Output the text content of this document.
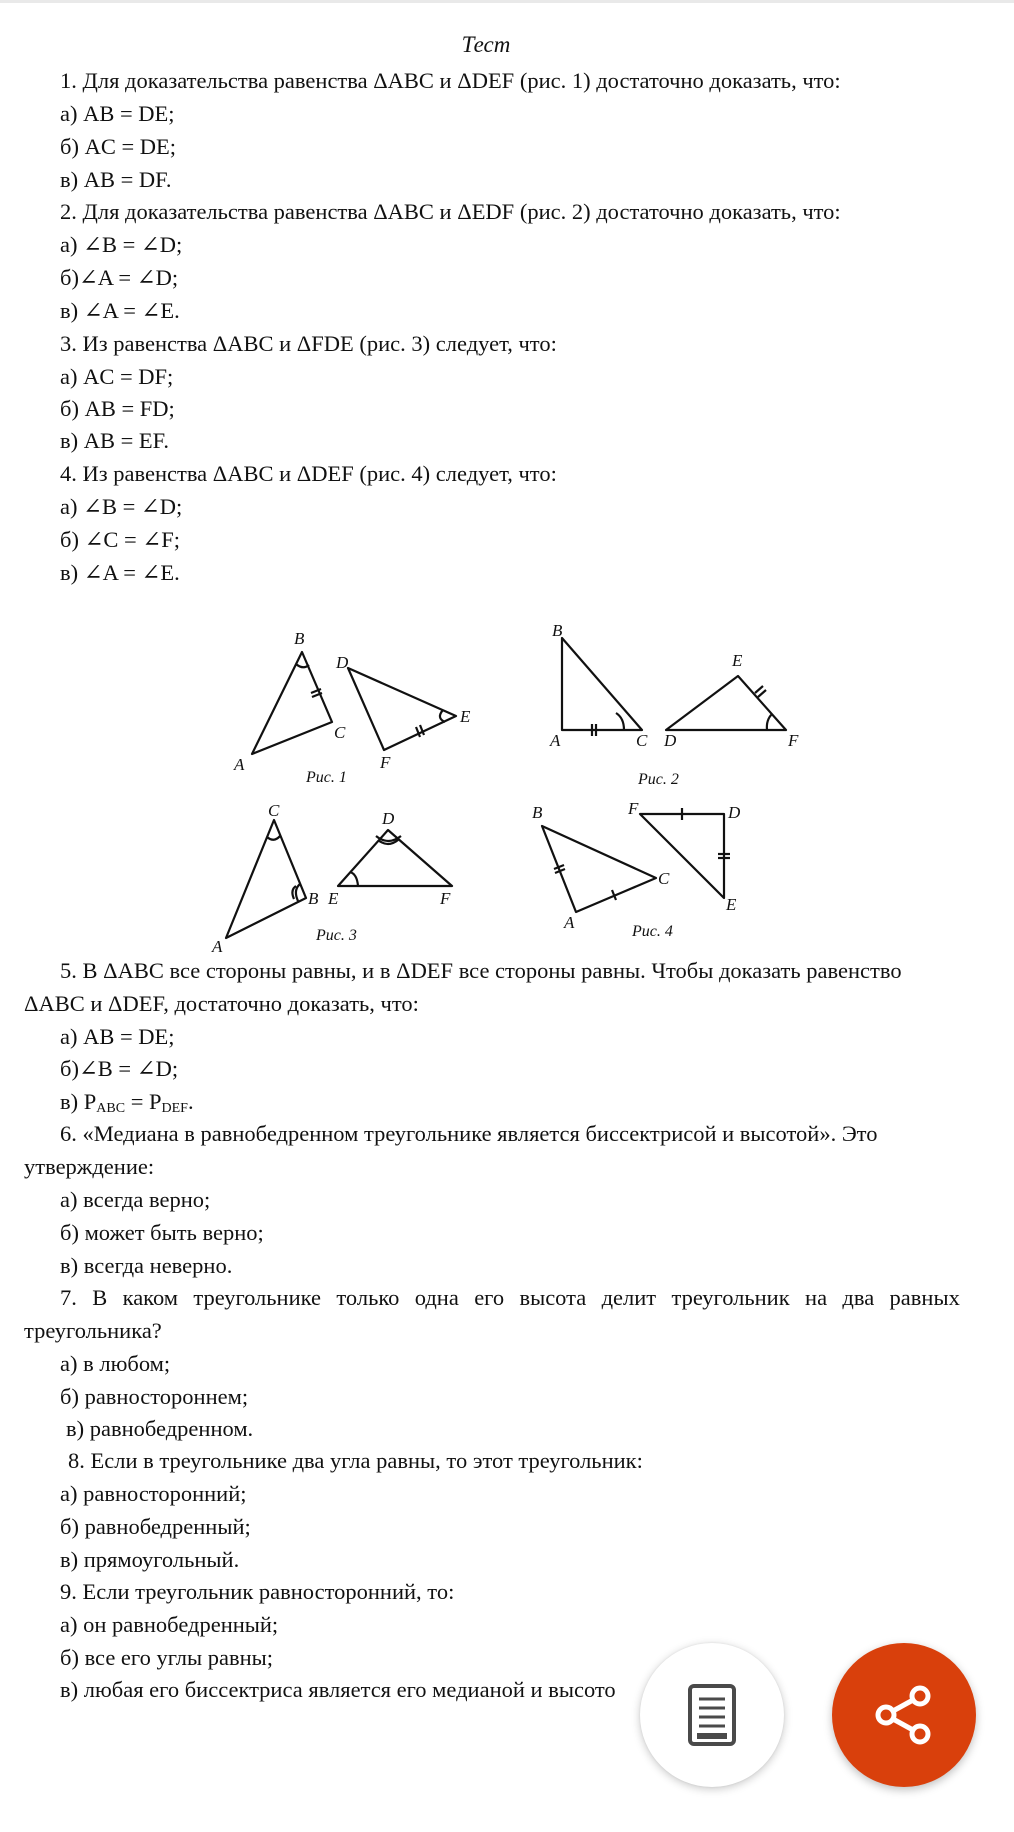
Тест
1. Для доказательства равенства ΔABC и ΔDEF (рис. 1) достаточно доказать, что:
а) AB = DE;
б) AC = DE;
в) AB = DF.
2. Для доказательства равенства ΔABC и ΔEDF (рис. 2) достаточно доказать, что:
а) ∠B = ∠D;
б)∠A = ∠D;
в) ∠A = ∠E.
3. Из равенства ΔABC и ΔFDE (рис. 3) следует, что:
а) AC = DF;
б) AB = FD;
в) AB = EF.
4. Из равенства ΔABC и ΔDEF (рис. 4) следует, что:
а) ∠B = ∠D;
б) ∠C = ∠F;
в) ∠A = ∠E.
B
A
C
D
E
F
Рис. 1
B
A	C D
E
F
Рис. 2
C
A
B
D
E	F
Рис. 3
B
A
C
F	D
E
Рис. 4
5. В ΔABC все стороны равны, и в ΔDEF все стороны равны. Чтобы доказать равенство
ΔABC и ΔDEF, достаточно доказать, что:
а) AB = DE;
б)∠B = ∠D;
в) $P_{ABC} = P_{DEF}$.
6. «Медиана в равнобедренном треугольнике является биссектрисой и высотой». Это
утверждение:
а) всегда верно;
б) может быть верно;
в) всегда неверно.
7. В каком треугольнике только одна его высота делит треугольник на два равных
треугольника?
а) в любом;
б) равностороннем;
в) равнобедренном.
8. Если в треугольнике два угла равны, то этот треугольник:
а) равносторонний;
б) равнобедренный;
в) прямоугольный.
9. Если треугольник равносторонний, то:
а) он равнобедренный;
б) все его углы равны;
в) любая его биссектриса является его медианой и высото
